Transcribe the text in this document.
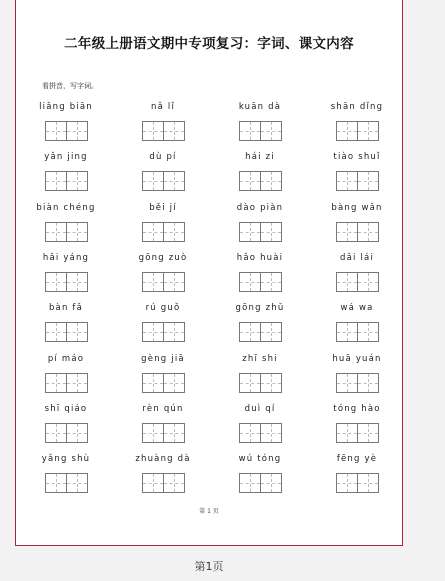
二年级上册语文期中专项复习：字词、课文内容
看拼音，写字词。
liǎng biān	nǎ lǐ	kuān dà	shān dǐng
yǎn jing	dù pí	hái zi	tiào shuǐ
biàn chéng	běi jí	dào piàn	bàng wǎn
hǎi yáng	gōng zuò	hǎo huài	dǎi lái
bàn fǎ	rú guǒ	gōng zhǔ	wá wa
pí máo	gèng jiā	zhī shi	huā yuán
shī qiáo	rèn qún	duì qí	tóng hào
yǎng shù	zhuàng dà	wú tóng	fēng yè
第 1 页
第1页
